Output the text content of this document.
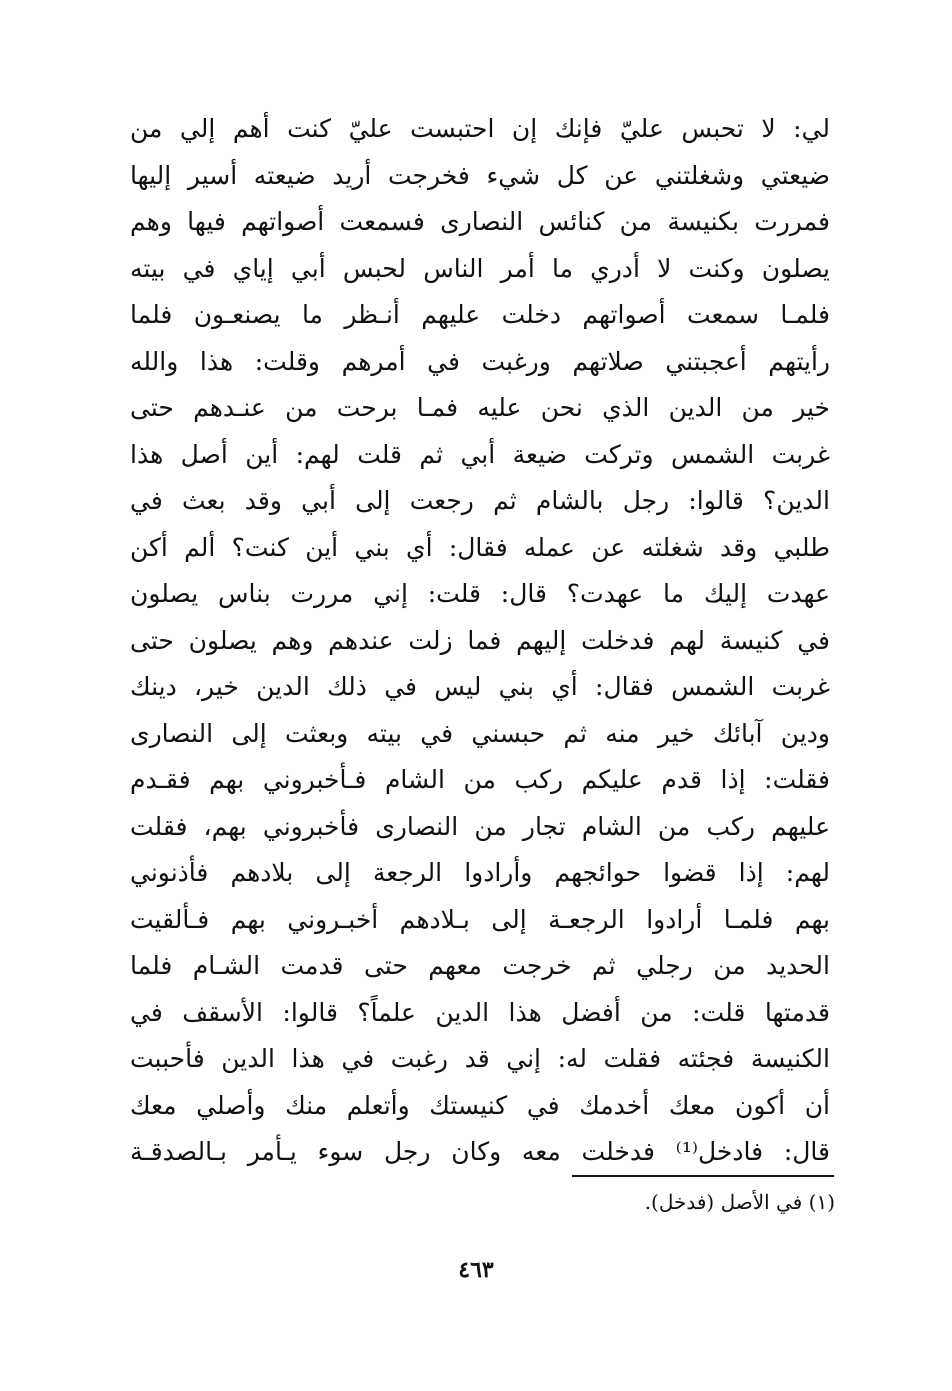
لي: لا تحبس عليّ فإنك إن احتبست عليّ كنت أهم إلي من
ضيعتي وشغلتني عن كل شيء فخرجت أريد ضيعته أسير إليها
فمررت بكنيسة من كنائس النصارى فسمعت أصواتهم فيها وهم
يصلون وكنت لا أدري ما أمر الناس لحبس أبي إياي في بيته
فلمـا سمعت أصواتهم دخلت عليهم أنـظر ما يصنعـون فلما
رأيتهم أعجبتني صلاتهم ورغبت في أمرهم وقلت: هذا والله
خير من الدين الذي نحن عليه فمـا برحت من عنـدهم حتى
غربت الشمس وتركت ضيعة أبي ثم قلت لهم: أين أصل هذا
الدين؟ قالوا: رجل بالشام ثم رجعت إلى أبي وقد بعث في
طلبي وقد شغلته عن عمله فقال: أي بني أين كنت؟ ألم أكن
عهدت إليك ما عهدت؟ قال: قلت: إني مررت بناس يصلون
في كنيسة لهم فدخلت إليهم فما زلت عندهم وهم يصلون حتى
غربت الشمس فقال: أي بني ليس في ذلك الدين خير، دينك
ودين آبائك خير منه ثم حبسني في بيته وبعثت إلى النصارى
فقلت: إذا قدم عليكم ركب من الشام فـأخبروني بهم فقـدم
عليهم ركب من الشام تجار من النصارى فأخبروني بهم، فقلت
لهم: إذا قضوا حوائجهم وأرادوا الرجعة إلى بلادهم فأذنوني
بهم فلمـا أرادوا الرجعـة إلى بـلادهم أخبـروني بهم فـألقيت
الحديد من رجلي ثم خرجت معهم حتى قدمت الشـام فلما
قدمتها قلت: من أفضل هذا الدين علماً؟ قالوا: الأسقف في
الكنيسة فجئته فقلت له: إني قد رغبت في هذا الدين فأحببت
أن أكون معك أخدمك في كنيستك وأتعلم منك وأصلي معك
قال: فادخل⁽¹⁾ فدخلت معه وكان رجل سوء يـأمر بـالصدقـة
(١) في الأصل (فدخل).
٤٦٣
